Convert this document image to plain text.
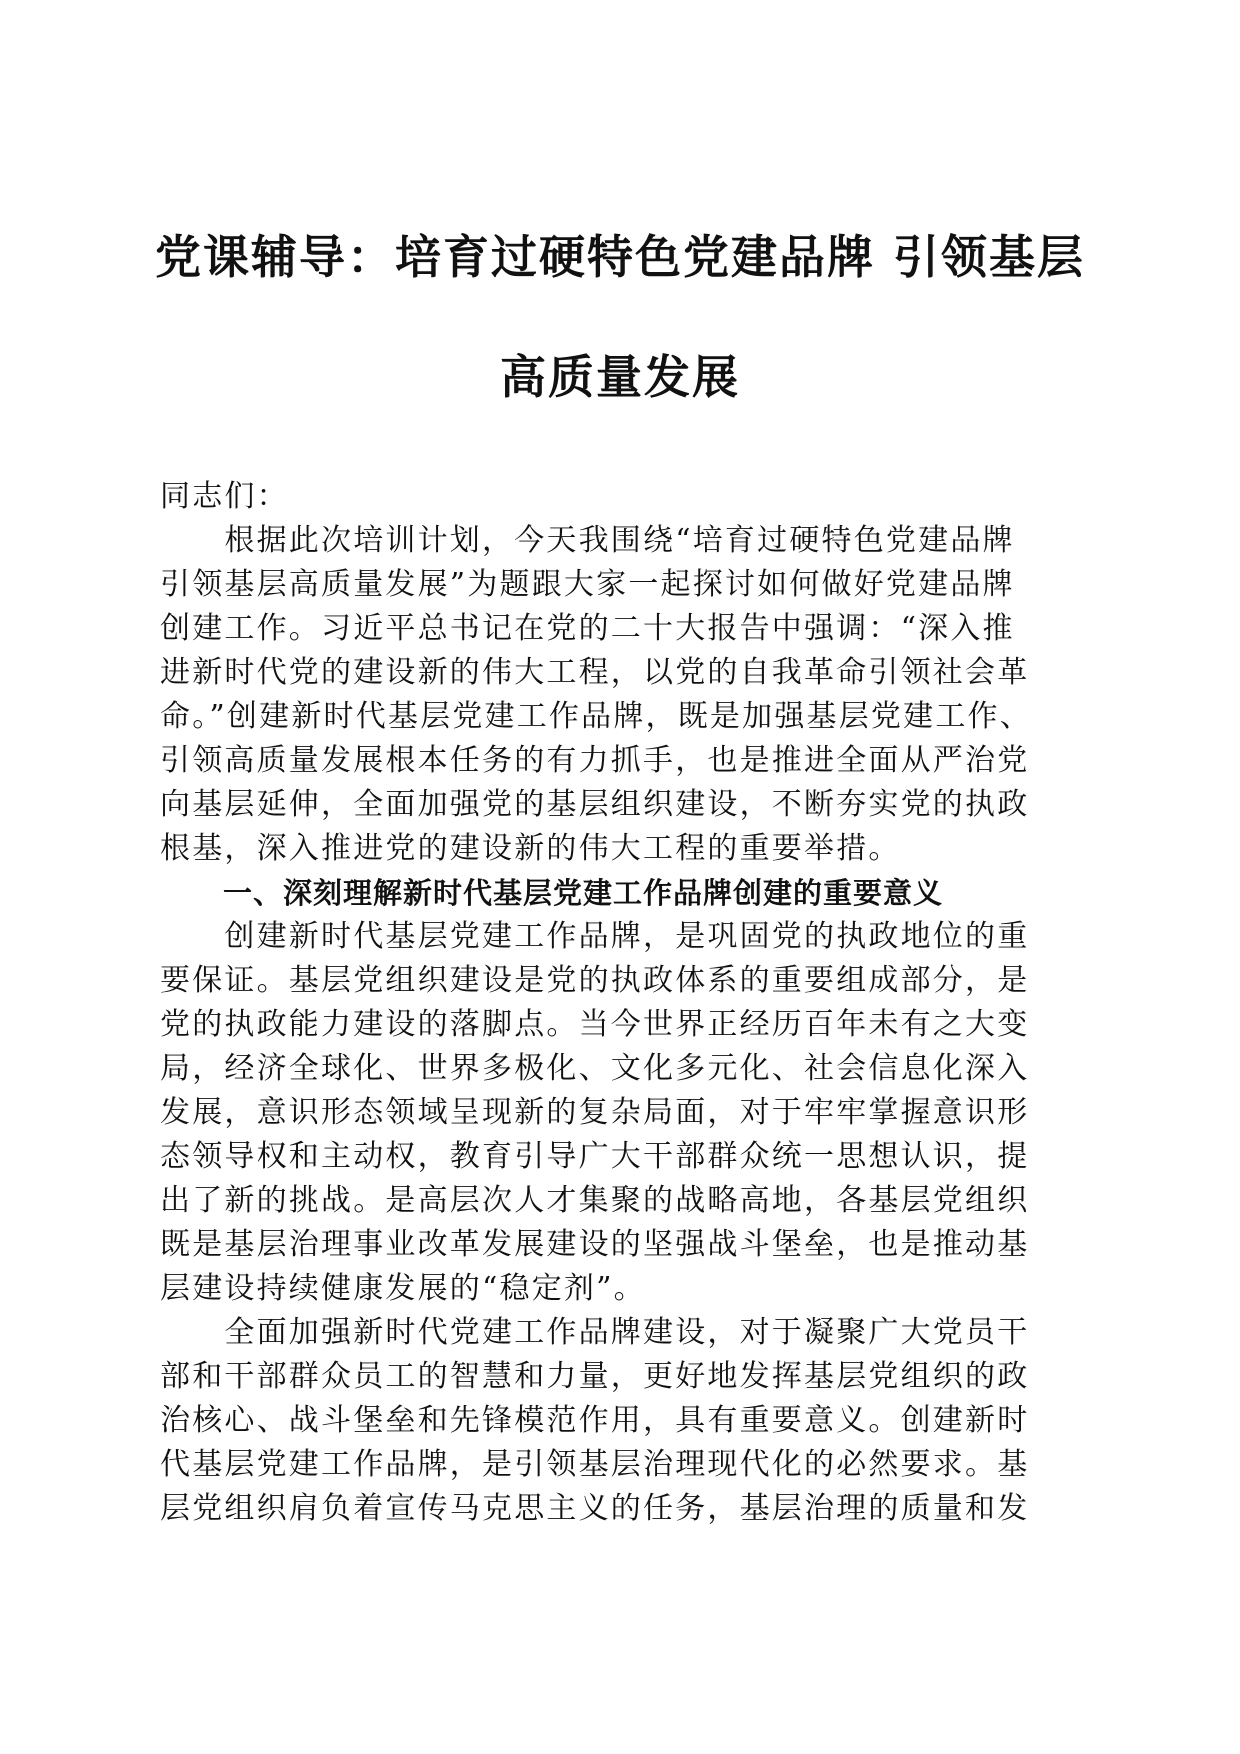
党课辅导：培育过硬特色党建品牌 引领基层
高质量发展
同志们：
　　根据此次培训计划，今天我围绕“培育过硬特色党建品牌
引领基层高质量发展”为题跟大家一起探讨如何做好党建品牌
创建工作。习近平总书记在党的二十大报告中强调：“深入推
进新时代党的建设新的伟大工程，以党的自我革命引领社会革
命。”创建新时代基层党建工作品牌，既是加强基层党建工作、
引领高质量发展根本任务的有力抓手，也是推进全面从严治党
向基层延伸，全面加强党的基层组织建设，不断夯实党的执政
根基，深入推进党的建设新的伟大工程的重要举措。
一、深刻理解新时代基层党建工作品牌创建的重要意义
　　创建新时代基层党建工作品牌，是巩固党的执政地位的重
要保证。基层党组织建设是党的执政体系的重要组成部分，是
党的执政能力建设的落脚点。当今世界正经历百年未有之大变
局，经济全球化、世界多极化、文化多元化、社会信息化深入
发展，意识形态领域呈现新的复杂局面，对于牢牢掌握意识形
态领导权和主动权，教育引导广大干部群众统一思想认识，提
出了新的挑战。是高层次人才集聚的战略高地，各基层党组织
既是基层治理事业改革发展建设的坚强战斗堡垒，也是推动基
层建设持续健康发展的“稳定剂”。
　　全面加强新时代党建工作品牌建设，对于凝聚广大党员干
部和干部群众员工的智慧和力量，更好地发挥基层党组织的政
治核心、战斗堡垒和先锋模范作用，具有重要意义。创建新时
代基层党建工作品牌，是引领基层治理现代化的必然要求。基
层党组织肩负着宣传马克思主义的任务，基层治理的质量和发
